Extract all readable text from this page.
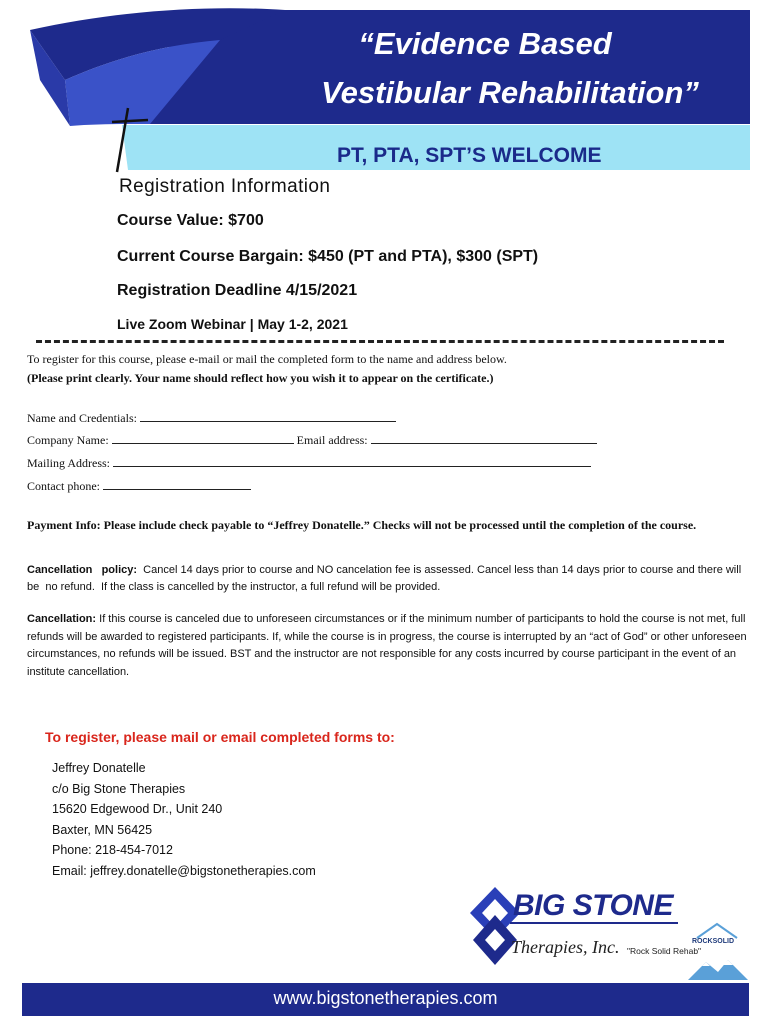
“Evidence Based
Vestibular Rehabilitation”
PT, PTA, SPT’S WELCOME
Registration Information
Course Value: $700
Current Course Bargain: $450 (PT and PTA), $300 (SPT)
Registration Deadline 4/15/2021
Live Zoom Webinar | May 1-2, 2021
To register for this course, please e-mail or mail the completed form to the name and address below.
(Please print clearly. Your name should reflect how you wish it to appear on the certificate.)
Name and Credentials:
Company Name:	Email address:
Mailing Address:
Contact phone:
Payment Info: Please include check payable to “Jeffrey Donatelle.” Checks will not be processed until the completion of the course.
Cancellation   policy: Cancel 14 days prior to course and NO cancelation fee is assessed. Cancel less than 14 days prior to course and there will be  no refund.  If the class is cancelled by the instructor, a full refund will be provided.
Cancellation: If this course is canceled due to unforeseen circumstances or if the minimum number of participants to hold the course is not met, full refunds will be awarded to registered participants. If, while the course is in progress, the course is interrupted by an “act of God” or other unforeseen circumstances, no refunds will be issued. BST and the instructor are not responsible for any costs incurred by course participant in the event of an institute cancellation.
To register, please mail or email completed forms to:
Jeffrey Donatelle
c/o Big Stone Therapies
15620 Edgewood Dr., Unit 240
Baxter, MN 56425
Phone: 218-454-7012
Email: jeffrey.donatelle@bigstonetherapies.com
BIG STONE
Therapies, Inc. "Rock Solid Rehab"
ROCKSOLID
www.bigstonetherapies.com
